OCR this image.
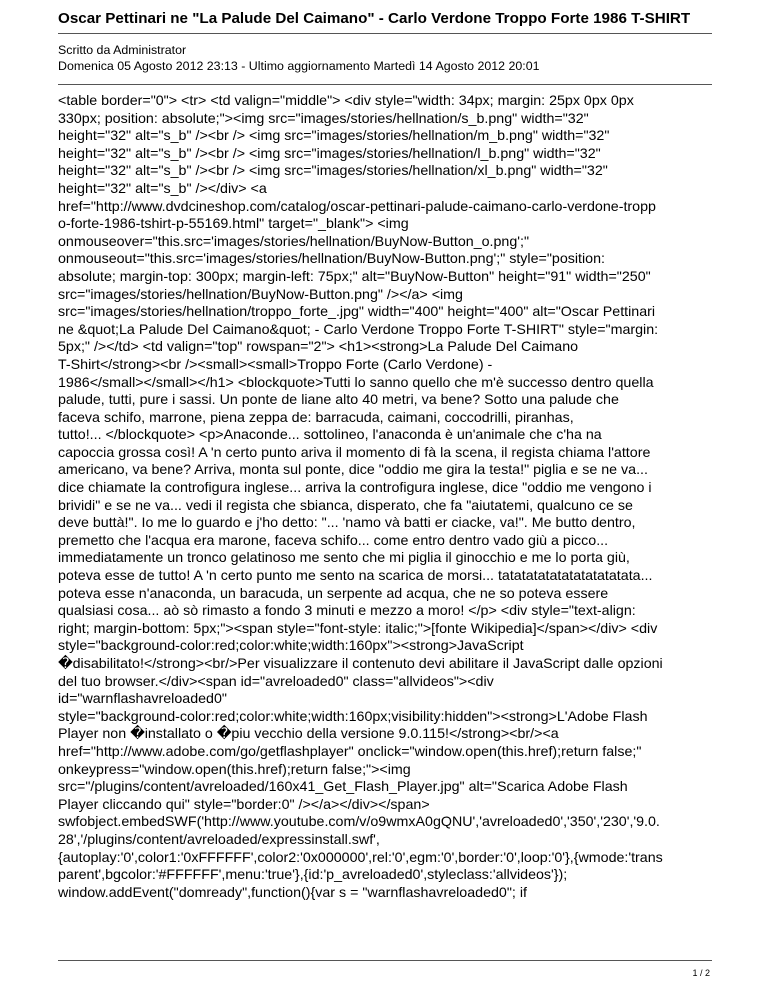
Oscar Pettinari ne "La Palude Del Caimano" - Carlo Verdone Troppo Forte 1986 T-SHIRT
Scritto da Administrator
Domenica 05 Agosto 2012 23:13 - Ultimo aggiornamento Martedì 14 Agosto 2012 20:01
<table border="0"> <tr> <td valign="middle"> <div style="width: 34px; margin: 25px 0px 0px
330px; position: absolute;"><img src="images/stories/hellnation/s_b.png" width="32"
height="32" alt="s_b" /><br /> <img src="images/stories/hellnation/m_b.png" width="32"
height="32" alt="s_b" /><br /> <img src="images/stories/hellnation/l_b.png" width="32"
height="32" alt="s_b" /><br /> <img src="images/stories/hellnation/xl_b.png" width="32"
height="32" alt="s_b" /></div> <a
href="http://www.dvdcineshop.com/catalog/oscar-pettinari-palude-caimano-carlo-verdone-tropp
o-forte-1986-tshirt-p-55169.html" target="_blank"> <img
onmouseover="this.src='images/stories/hellnation/BuyNow-Button_o.png';"
onmouseout="this.src='images/stories/hellnation/BuyNow-Button.png';" style="position:
absolute; margin-top: 300px; margin-left: 75px;" alt="BuyNow-Button" height="91" width="250"
src="images/stories/hellnation/BuyNow-Button.png" /></a> <img
src="images/stories/hellnation/troppo_forte_.jpg" width="400" height="400" alt="Oscar Pettinari
ne &quot;La Palude Del Caimano&quot; - Carlo Verdone Troppo Forte T-SHIRT" style="margin:
5px;" /></td> <td valign="top" rowspan="2"> <h1><strong>La Palude Del Caimano
T-Shirt</strong><br /><small><small>Troppo Forte (Carlo Verdone) -
1986</small></small></h1> <blockquote>Tutti lo sanno quello che m'è successo dentro quella
palude, tutti, pure i sassi. Un ponte de liane alto 40 metri, va bene? Sotto una palude che
faceva schifo, marrone, piena zeppa de: barracuda, caimani, coccodrilli, piranhas,
tutto!... </blockquote> <p>Anaconde... sottolineo, l'anaconda è un'animale che c'ha na
capoccia grossa così! A 'n certo punto ariva il momento di fà la scena, il regista chiama l'attore
americano, va bene? Arriva, monta sul ponte, dice "oddio me gira la testa!" piglia e se ne va...
dice chiamate la controfigura inglese... arriva la controfigura inglese, dice "oddio me vengono i
brividi" e se ne va... vedi il regista che sbianca, disperato, che fa "aiutatemi, qualcuno ce se
deve buttà!". Io me lo guardo e j'ho detto: "... 'namo và batti er ciacke, va!". Me butto dentro,
premetto che l'acqua era marone, faceva schifo... come entro dentro vado giù a picco...
immediatamente un tronco gelatinoso me sento che mi piglia il ginocchio e me lo porta giù,
poteva esse de tutto! A 'n certo punto me sento na scarica de morsi... tatatatatatatatatatatata...
poteva esse n'anaconda, un baracuda, un serpente ad acqua, che ne so poteva essere
qualsiasi cosa... aò sò rimasto a fondo 3 minuti e mezzo a moro! </p> <div style="text-align:
right; margin-bottom: 5px;"><span style="font-style: italic;">[fonte Wikipedia]</span></div> <div
style="background-color:red;color:white;width:160px"><strong>JavaScript
�disabilitato!</strong><br/>Per visualizzare il contenuto devi abilitare il JavaScript dalle opzioni
del tuo browser.</div><span id="avreloaded0" class="allvideos"><div
id="warnflashavreloaded0"
style="background-color:red;color:white;width:160px;visibility:hidden"><strong>L'Adobe Flash
Player non �installato o �piu vecchio della versione 9.0.115!</strong><br/><a
href="http://www.adobe.com/go/getflashplayer" onclick="window.open(this.href);return false;"
onkeypress="window.open(this.href);return false;"><img
src="/plugins/content/avreloaded/160x41_Get_Flash_Player.jpg" alt="Scarica Adobe Flash
Player cliccando qui" style="border:0" /></a></div></span>
swfobject.embedSWF('http://www.youtube.com/v/o9wmxA0gQNU','avreloaded0','350','230','9.0.
28','/plugins/content/avreloaded/expressinstall.swf',
{autoplay:'0',color1:'0xFFFFFF',color2:'0x000000',rel:'0',egm:'0',border:'0',loop:'0'},{wmode:'trans
parent',bgcolor:'#FFFFFF',menu:'true'},{id:'p_avreloaded0',styleclass:'allvideos'});
window.addEvent("domready",function(){var s = "warnflashavreloaded0"; if
1 / 2
